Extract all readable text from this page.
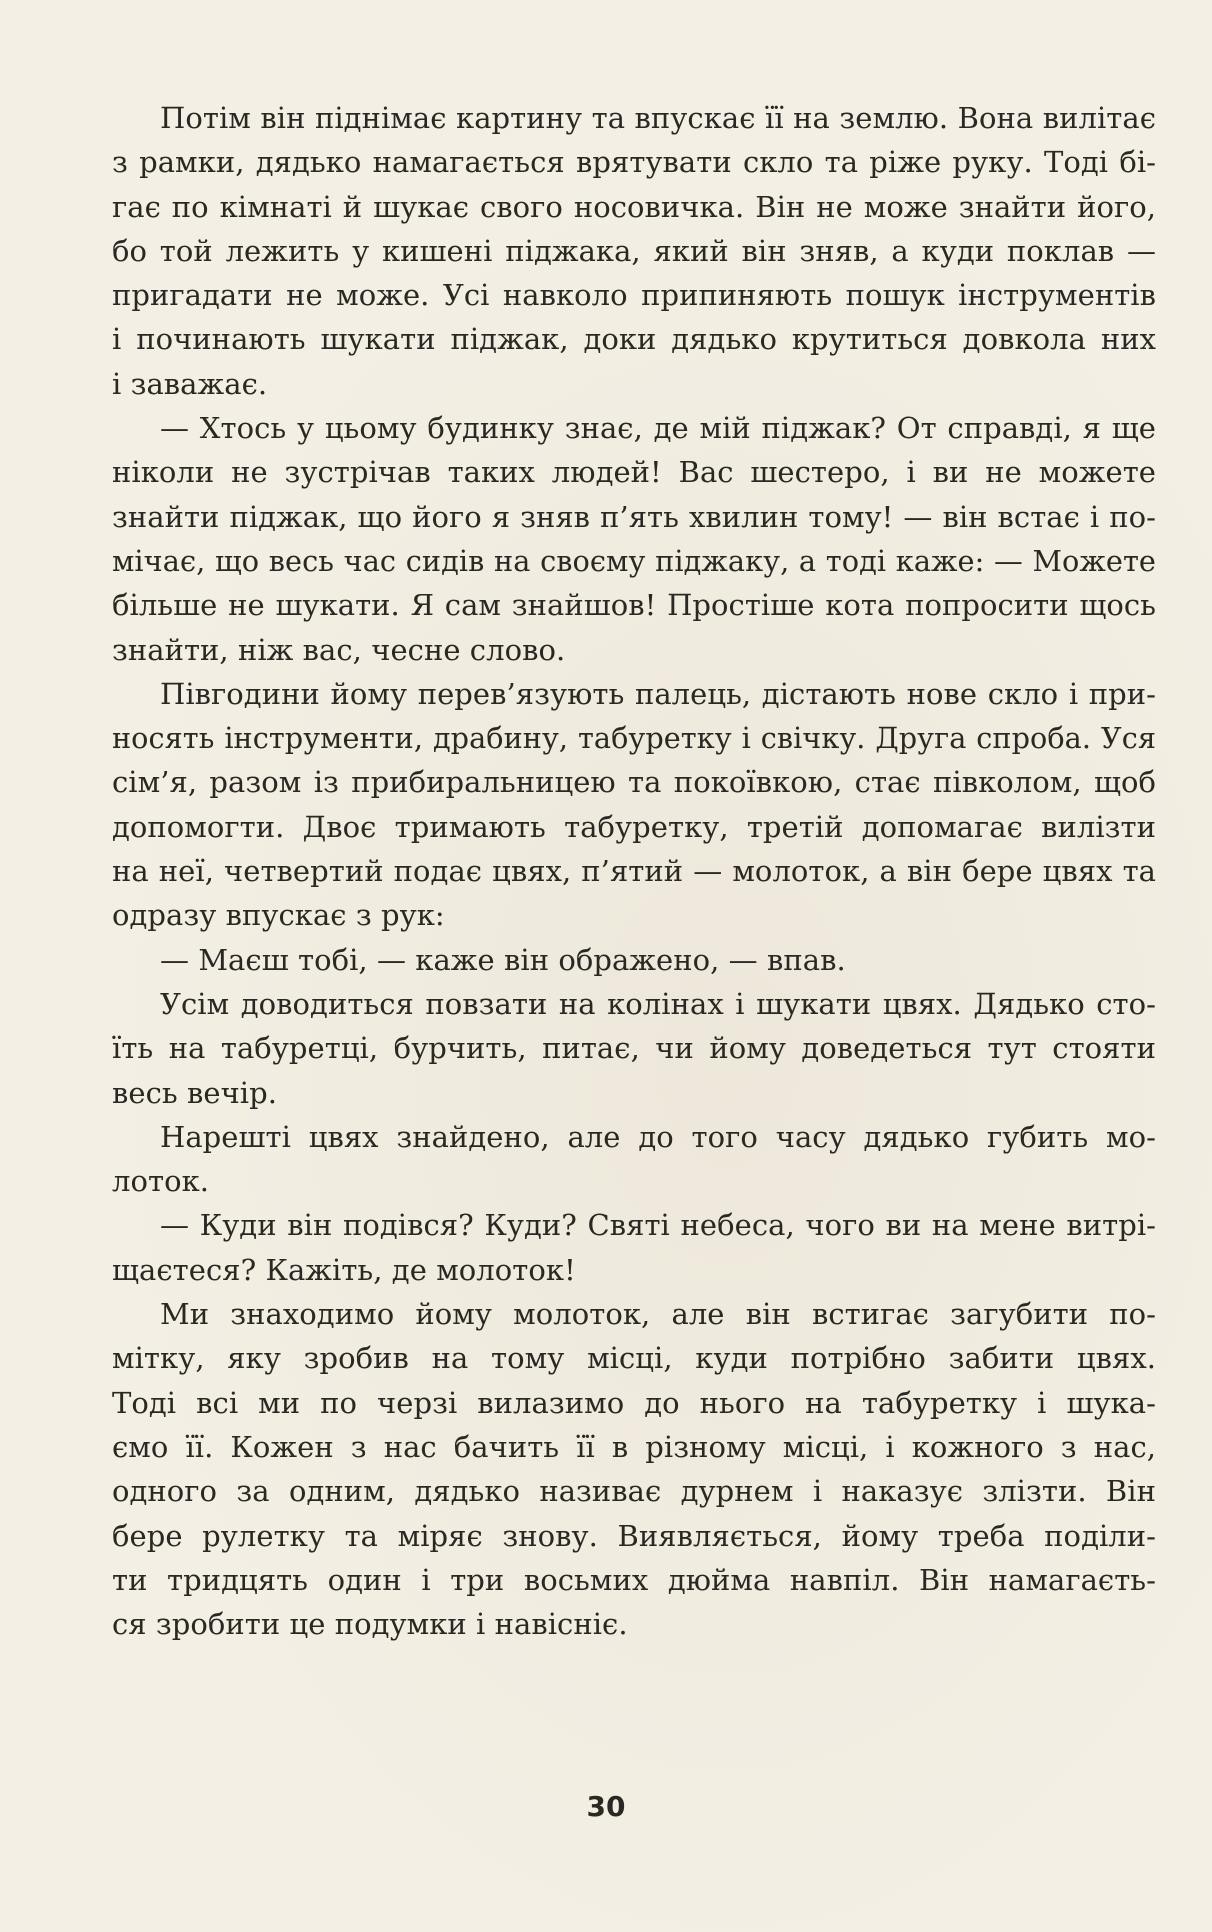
Потім він піднімає картину та впускає її на землю. Вона вилітає
з рамки, дядько намагається врятувати скло та ріже руку. Тоді бі-
гає по кімнаті й шукає свого носовичка. Він не може знайти його,
бо той лежить у кишені піджака, який він зняв, а куди поклав —
пригадати не може. Усі навколо припиняють пошук інструментів
і починають шукати піджак, доки дядько крутиться довкола них
і заважає.
— Хтось у цьому будинку знає, де мій піджак? От справді, я ще
ніколи не зустрічав таких людей! Вас шестеро, і ви не можете
знайти піджак, що його я зняв п’ять хвилин тому! — він встає і по-
мічає, що весь час сидів на своєму піджаку, а тоді каже: — Можете
більше не шукати. Я сам знайшов! Простіше кота попросити щось
знайти, ніж вас, чесне слово.
Півгодини йому перев’язують палець, дістають нове скло і при-
носять інструменти, драбину, табуретку і свічку. Друга спроба. Уся
сім’я, разом із прибиральницею та покоївкою, стає півколом, щоб
допомогти. Двоє тримають табуретку, третій допомагає вилізти
на неї, четвертий подає цвях, п’ятий — молоток, а він бере цвях та
одразу впускає з рук:
— Маєш тобі, — каже він ображено, — впав.
Усім доводиться повзати на колінах і шукати цвях. Дядько сто-
їть на табуретці, бурчить, питає, чи йому доведеться тут стояти
весь вечір.
Нарешті цвях знайдено, але до того часу дядько губить мо-
лоток.
— Куди він подівся? Куди? Святі небеса, чого ви на мене витрі-
щаєтеся? Кажіть, де молоток!
Ми знаходимо йому молоток, але він встигає загубити по-
мітку, яку зробив на тому місці, куди потрібно забити цвях.
Тоді всі ми по черзі вилазимо до нього на табуретку і шука-
ємо її. Кожен з нас бачить її в різному місці, і кожного з нас,
одного за одним, дядько називає дурнем і наказує злізти. Він
бере рулетку та міряє знову. Виявляється, йому треба поділи-
ти тридцять один і три восьмих дюйма навпіл. Він намагаєть-
ся зробити це подумки і навісніє.
30
